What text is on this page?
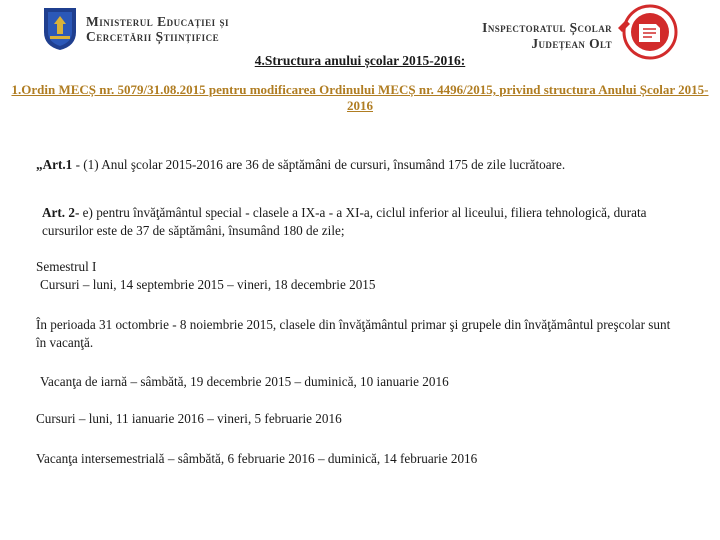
Ministerul Educației și
Cercetării Științifice
Inspectoratul Școlar
Județean Olt
4.Structura anului școlar 2015-2016:
1.Ordin MECȘ nr. 5079/31.08.2015 pentru modificarea Ordinului MECȘ nr. 4496/2015, privind structura Anului Școlar 2015-2016

„Art.1 - (1) Anul şcolar 2015-2016 are 36 de săptămâni de cursuri, însumând 175 de zile lucrătoare.

Art. 2- e) pentru învăţământul special - clasele a IX-a - a XI-a, ciclul inferior al liceului, filiera tehnologică, durata cursurilor este de 37 de săptămâni, însumând 180 de zile;

Semestrul I

Cursuri – luni, 14 septembrie 2015 – vineri, 18 decembrie 2015

În perioada 31 octombrie - 8 noiembrie 2015, clasele din învăţământul primar şi grupele din învăţământul preşcolar sunt în vacanţă.

Vacanţa de iarnă – sâmbătă, 19 decembrie 2015 – duminică, 10 ianuarie 2016

Cursuri – luni, 11 ianuarie 2016 – vineri, 5 februarie 2016

Vacanţa intersemestrială – sâmbătă, 6 februarie 2016 – duminică, 14 februarie 2016
